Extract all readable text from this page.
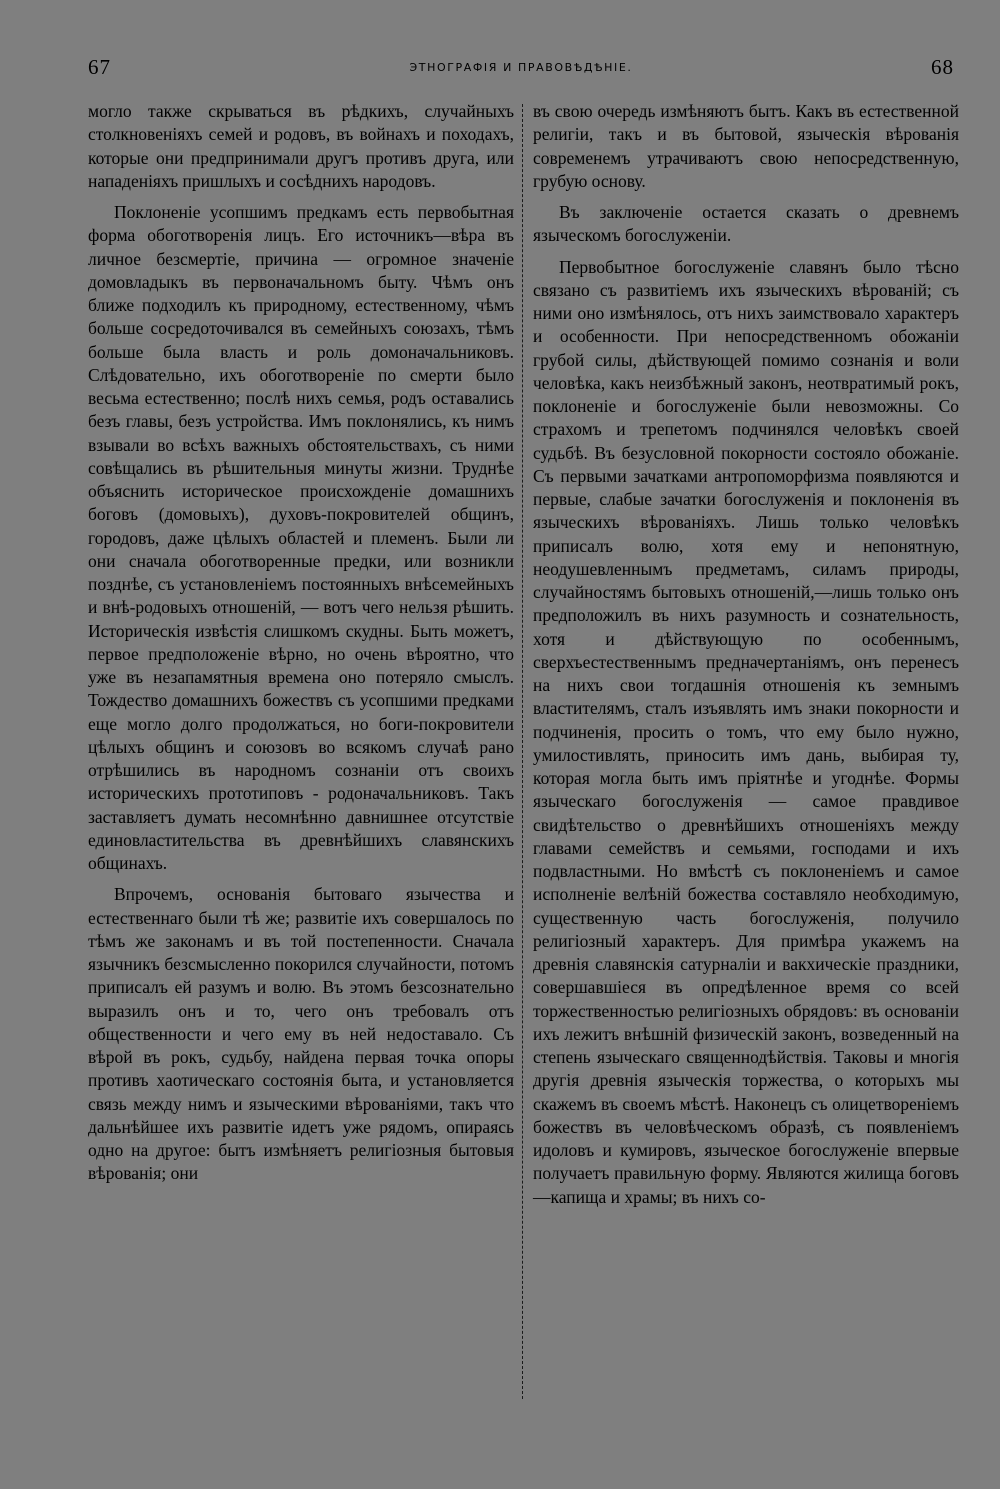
67	ЭТНОГРАФІЯ И ПРАВОВѢДѢНІЕ.	68

могло также скрываться въ рѣдкихъ, случайныхъ столкновеніяхъ семей и родовъ, въ войнахъ и походахъ, которые они предпринимали другъ противъ друга, или нападеніяхъ пришлыхъ и сосѣднихъ народовъ.

Поклоненіе усопшимъ предкамъ есть первобытная форма обоготворенія лицъ. Его источникъ—вѣра въ личное безсмертіе, причина — огромное значеніе домовладыкъ въ первоначальномъ быту. Чѣмъ онъ ближе подходилъ къ природному, естественному, чѣмъ больше сосредоточивался въ семейныхъ союзахъ, тѣмъ больше была власть и роль домоначальниковъ. Слѣдовательно, ихъ обоготвореніе по смерти было весьма естественно; послѣ нихъ семья, родъ оставались безъ главы, безъ устройства. Имъ поклонялись, къ нимъ взывали во всѣхъ важныхъ обстоятельствахъ, съ ними совѣщались въ рѣшительныя минуты жизни. Труднѣе объяснить историческое происхожденіе домашнихъ боговъ (домовыхъ), духовъ-покровителей общинъ, городовъ, даже цѣлыхъ областей и племенъ. Были ли они сначала обоготворенные предки, или возникли позднѣе, съ установленіемъ постоянныхъ внѣсемейныхъ и внѣ-родовыхъ отношеній, — вотъ чего нельзя рѣшить. Историческія извѣстія слишкомъ скудны. Быть можетъ, первое предположеніе вѣрно, но очень вѣроятно, что уже въ незапамятныя времена оно потеряло смыслъ. Тождество домашнихъ божествъ съ усопшими предками еще могло долго продолжаться, но боги-покровители цѣлыхъ общинъ и союзовъ во всякомъ случаѣ рано отрѣшились въ народномъ сознаніи отъ своихъ историческихъ прототиповъ - родоначальниковъ. Такъ заставляетъ думать несомнѣнно давнишнее отсутствіе единовластительства въ древнѣйшихъ славянскихъ общинахъ.

Впрочемъ, основанія бытоваго язычества и естественнаго были тѣ же; развитіе ихъ совершалось по тѣмъ же законамъ и въ той постепенности. Сначала язычникъ безсмысленно покорился случайности, потомъ приписалъ ей разумъ и волю. Въ этомъ безсознательно выразилъ онъ и то, чего онъ требовалъ отъ общественности и чего ему въ ней недоставало. Съ вѣрой въ рокъ, судьбу, найдена первая точка опоры противъ хаотическаго состоянія быта, и установляется связь между нимъ и языческими вѣрованіями, такъ что дальнѣйшее ихъ развитіе идетъ уже рядомъ, опираясь одно на другое: бытъ измѣняетъ религіозныя бытовыя вѣрованія; они

въ свою очередь измѣняютъ бытъ. Какъ въ естественной религіи, такъ и въ бытовой, языческія вѣрованія современемъ утрачиваютъ свою непосредственную, грубую основу.

Въ заключеніе остается сказать о древнемъ языческомъ богослуженіи.

Первобытное богослуженіе славянъ было тѣсно связано съ развитіемъ ихъ языческихъ вѣрованій; съ ними оно измѣнялось, отъ нихъ заимствовало характеръ и особенности. При непосредственномъ обожаніи грубой силы, дѣйствующей помимо сознанія и воли человѣка, какъ неизбѣжный законъ, неотвратимый рокъ, поклоненіе и богослуженіе были невозможны. Со страхомъ и трепетомъ подчинялся человѣкъ своей судьбѣ. Въ безусловной покорности состояло обожаніе. Съ первыми зачатками антропоморфизма появляются и первые, слабые зачатки богослуженія и поклоненія въ языческихъ вѣрованіяхъ. Лишь только человѣкъ приписалъ волю, хотя ему и непонятную, неодушевленнымъ предметамъ, силамъ природы, случайностямъ бытовыхъ отношеній,—лишь только онъ предположилъ въ нихъ разумность и сознательность, хотя и дѣйствующую по особеннымъ, сверхъестественнымъ предначертаніямъ, онъ перенесъ на нихъ свои тогдашнія отношенія къ земнымъ властителямъ, сталъ изъявлять имъ знаки покорности и подчиненія, просить о томъ, что ему было нужно, умилостивлять, приносить имъ дань, выбирая ту, которая могла быть имъ пріятнѣе и угоднѣе. Формы языческаго богослуженія — самое правдивое свидѣтельство о древнѣйшихъ отношеніяхъ между главами семействъ и семьями, господами и ихъ подвластными. Но вмѣстѣ съ поклоненіемъ и самое исполненіе велѣній божества составляло необходимую, существенную часть богослуженія, получило религіозный характеръ. Для примѣра укажемъ на древнія славянскія сатурналіи и вакхическіе праздники, совершавшіеся въ опредѣленное время со всей торжественностью религіозныхъ обрядовъ: въ основаніи ихъ лежитъ внѣшній физическій законъ, возведенный на степень языческаго священнодѣйствія. Таковы и многія другія древнія языческія торжества, о которыхъ мы скажемъ въ своемъ мѣстѣ. Наконецъ съ олицетвореніемъ божествъ въ человѣческомъ образѣ, съ появленіемъ идоловъ и кумировъ, языческое богослуженіе впервые получаетъ правильную форму. Являются жилища боговъ—капища и храмы; въ нихъ со-
